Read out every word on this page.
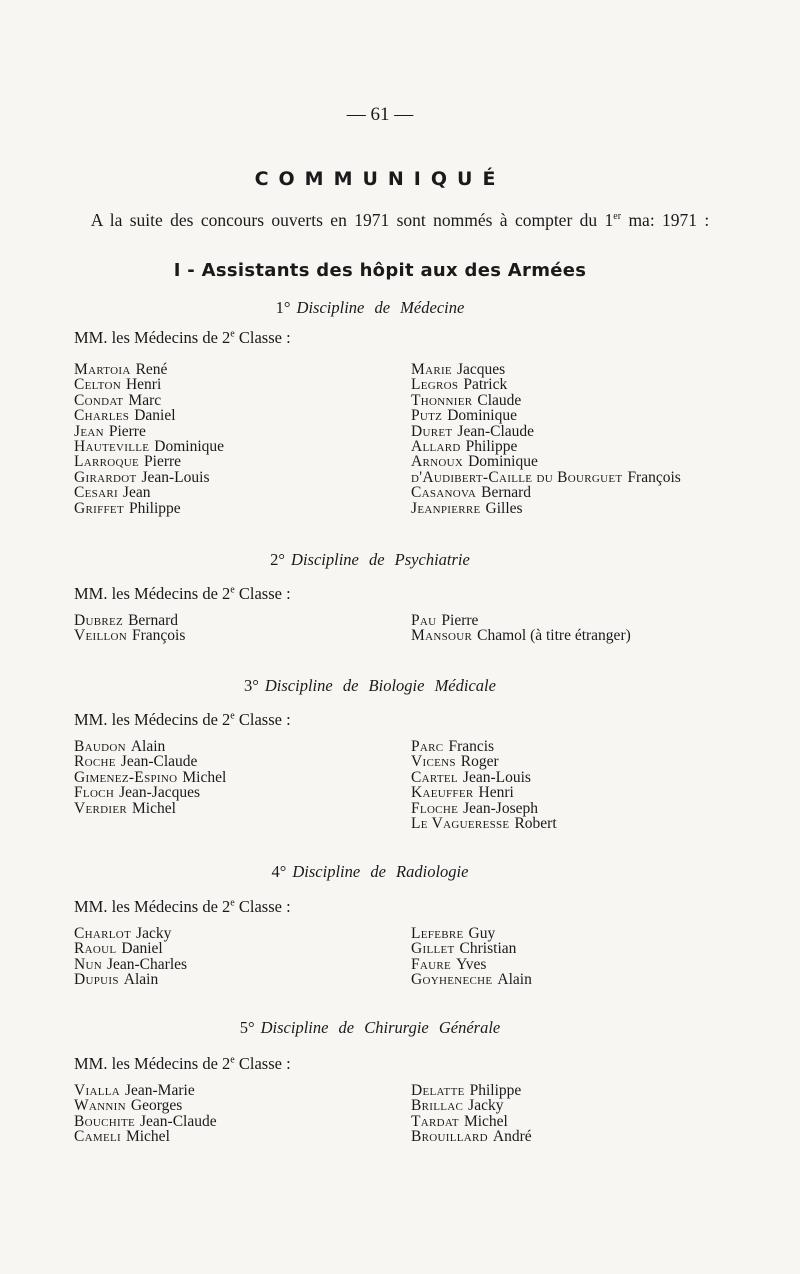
— 61 —
COMMUNIQUÉ
A la suite des concours ouverts en 1971 sont nommés à compter du 1er ma: 1971 :
I - Assistants des hôpit aux des Armées
1° Discipline de Médecine
MM. les Médecins de 2e Classe :
Martoia René
Celton Henri
Condat Marc
Charles Daniel
Jean Pierre
Hauteville Dominique
Larroque Pierre
Girardot Jean-Louis
Cesari Jean
Griffet Philippe
Marie Jacques
Legros Patrick
Thonnier Claude
Putz Dominique
Duret Jean-Claude
Allard Philippe
Arnoux Dominique
d'Audibert-Caille du Bourguet François
Casanova Bernard
Jeanpierre Gilles
2° Discipline de Psychiatrie
MM. les Médecins de 2e Classe :
Dubrez Bernard
Veillon François
Pau Pierre
Mansour Chamol (à titre étranger)
3° Discipline de Biologie Médicale
MM. les Médecins de 2e Classe :
Baudon Alain
Roche Jean-Claude
Gimenez-Espino Michel
Floch Jean-Jacques
Verdier Michel
Parc Francis
Vicens Roger
Cartel Jean-Louis
Kaeuffer Henri
Floche Jean-Joseph
Le Vagueresse Robert
4° Discipline de Radiologie
MM. les Médecins de 2e Classe :
Charlot Jacky
Raoul Daniel
Nun Jean-Charles
Dupuis Alain
Lefebre Guy
Gillet Christian
Faure Yves
Goyheneche Alain
5° Discipline de Chirurgie Générale
MM. les Médecins de 2e Classe :
Vialla Jean-Marie
Wannin Georges
Bouchite Jean-Claude
Cameli Michel
Delatte Philippe
Brillac Jacky
Tardat Michel
Brouillard André
